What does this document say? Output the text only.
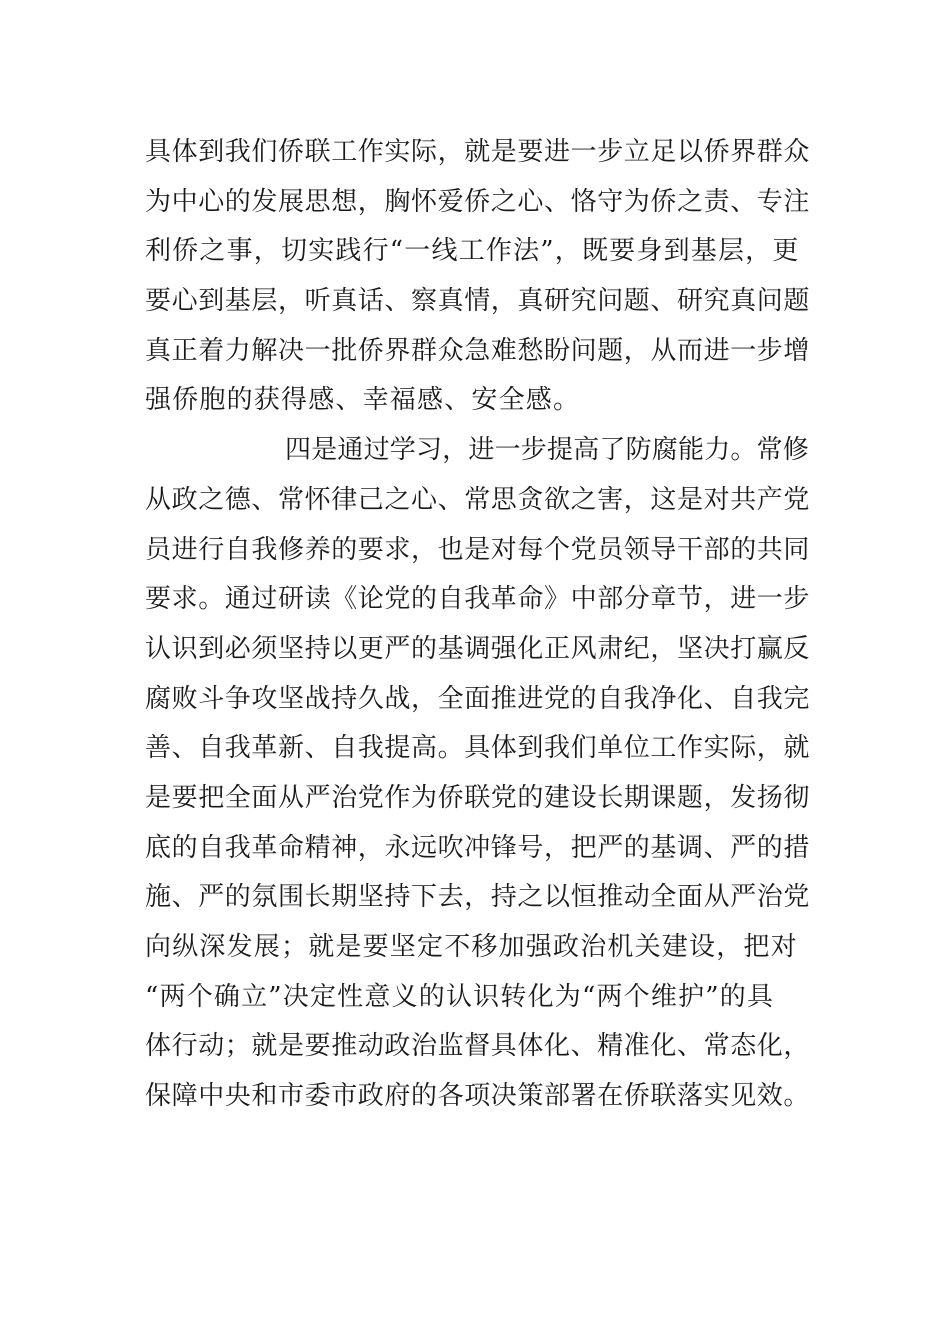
具体到我们侨联工作实际，就是要进一步立足以侨界群众
为中心的发展思想，胸怀爱侨之心、恪守为侨之责、专注
利侨之事，切实践行“一线工作法”，既要身到基层，更
要心到基层，听真话、察真情，真研究问题、研究真问题
真正着力解决一批侨界群众急难愁盼问题，从而进一步增
强侨胞的获得感、幸福感、安全感。
四是通过学习，进一步提高了防腐能力。常修
从政之德、常怀律己之心、常思贪欲之害，这是对共产党
员进行自我修养的要求，也是对每个党员领导干部的共同
要求。通过研读《论党的自我革命》中部分章节，进一步
认识到必须坚持以更严的基调强化正风肃纪，坚决打赢反
腐败斗争攻坚战持久战，全面推进党的自我净化、自我完
善、自我革新、自我提高。具体到我们单位工作实际，就
是要把全面从严治党作为侨联党的建设长期课题，发扬彻
底的自我革命精神，永远吹冲锋号，把严的基调、严的措
施、严的氛围长期坚持下去，持之以恒推动全面从严治党
向纵深发展；就是要坚定不移加强政治机关建设，把对
“两个确立”决定性意义的认识转化为“两个维护”的具
体行动；就是要推动政治监督具体化、精准化、常态化，
保障中央和市委市政府的各项决策部署在侨联落实见效。
